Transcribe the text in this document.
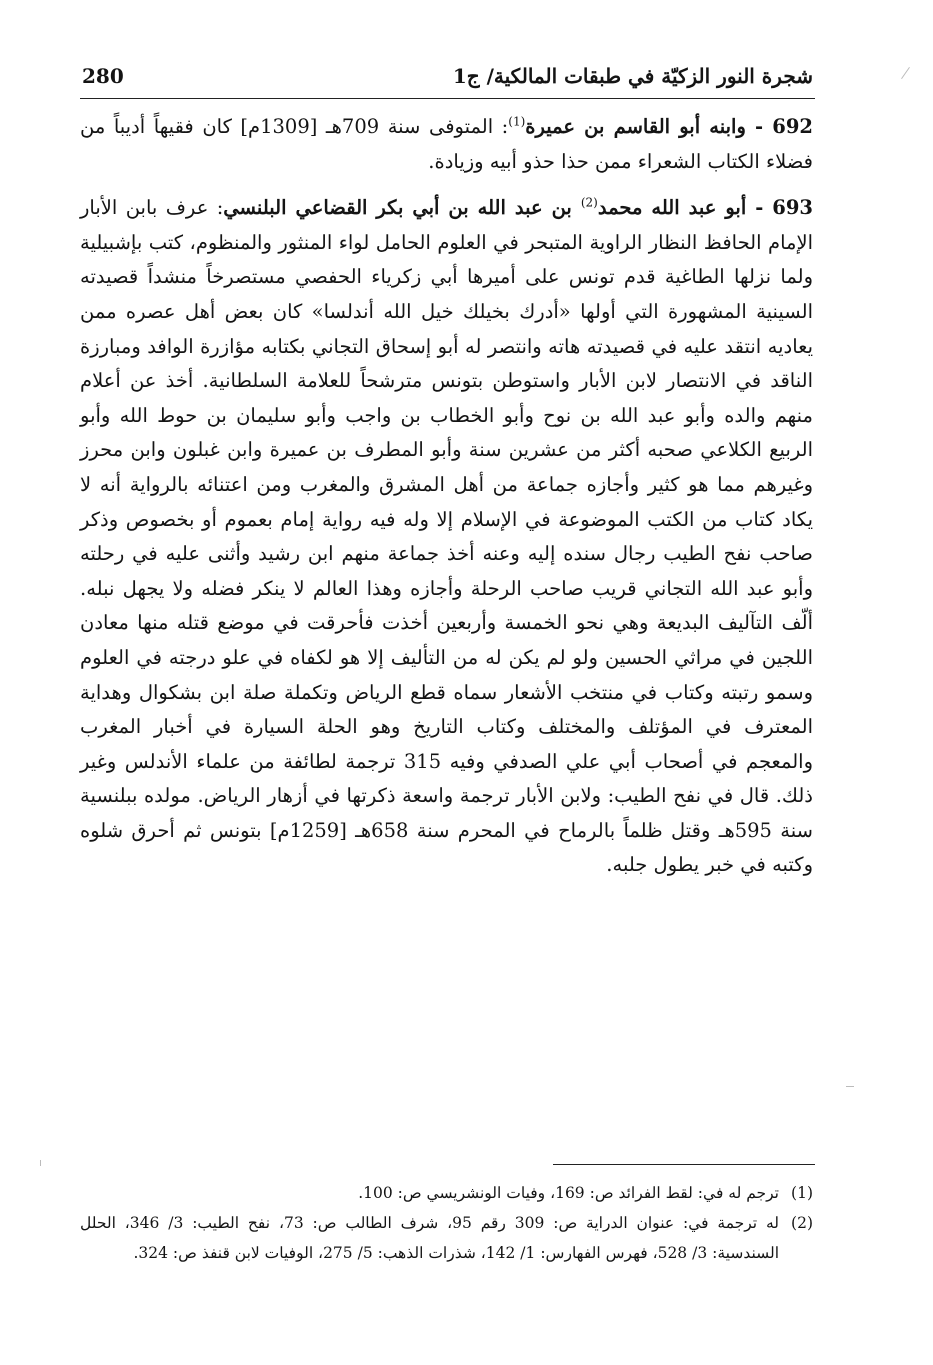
شجرة النور الزكيّة في طبقات المالكية/ ج1
280

692 - وابنه أبو القاسم بن عميرة$^{(1)}$: المتوفى سنة 709هـ [1309م] كان فقيهاً أديباً من فضلاء الكتاب الشعراء ممن حذا حذو أبيه وزيادة.

693 - أبو عبد الله محمد$^{(2)}$ بن عبد الله بن أبي بكر القضاعي البلنسي: عرف بابن الأبار الإمام الحافظ النظار الراوية المتبحر في العلوم الحامل لواء المنثور والمنظوم، كتب بإشبيلية ولما نزلها الطاغية قدم تونس على أميرها أبي زكرياء الحفصي مستصرخاً منشداً قصيدته السينية المشهورة التي أولها «أدرك بخيلك خيل الله أندلسا» كان بعض أهل عصره ممن يعاديه انتقد عليه في قصيدته هاته وانتصر له أبو إسحاق التجاني بكتابه مؤازرة الوافد ومبارزة الناقد في الانتصار لابن الأبار واستوطن بتونس مترشحاً للعلامة السلطانية. أخذ عن أعلام منهم والده وأبو عبد الله بن نوح وأبو الخطاب بن واجب وأبو سليمان بن حوط الله وأبو الربيع الكلاعي صحبه أكثر من عشرين سنة وأبو المطرف بن عميرة وابن غبلون وابن محرز وغيرهم مما هو كثير وأجازه جماعة من أهل المشرق والمغرب ومن اعتنائه بالرواية أنه لا يكاد كتاب من الكتب الموضوعة في الإسلام إلا وله فيه رواية إمام بعموم أو بخصوص وذكر صاحب نفح الطيب رجال سنده إليه وعنه أخذ جماعة منهم ابن رشيد وأثنى عليه في رحلته وأبو عبد الله التجاني قريب صاحب الرحلة وأجازه وهذا العالم لا ينكر فضله ولا يجهل نبله. ألّف التآليف البديعة وهي نحو الخمسة وأربعين أخذت فأحرقت في موضع قتله منها معادن اللجين في مراثي الحسين ولو لم يكن له من التأليف إلا هو لكفاه في علو درجته في العلوم وسمو رتبته وكتاب في منتخب الأشعار سماه قطع الرياض وتكملة صلة ابن بشكوال وهداية المعترف في المؤتلف والمختلف وكتاب التاريخ وهو الحلة السيارة في أخبار المغرب والمعجم في أصحاب أبي علي الصدفي وفيه 315 ترجمة لطائفة من علماء الأندلس وغير ذلك. قال في نفح الطيب: ولابن الأبار ترجمة واسعة ذكرتها في أزهار الرياض. مولده ببلنسية سنة 595هـ وقتل ظلماً بالرماح في المحرم سنة 658هـ [1259م] بتونس ثم أحرق شلوه وكتبه في خبر يطول جلبه.

(1)
ترجم له في: لقط الفرائد ص: 169، وفيات الونشريسي ص: 100.

(2)
له ترجمة في: عنوان الدراية ص: 309 رقم 95، شرف الطالب ص: 73، نفح الطيب: 3/ 346، الحلل السندسية: 3/ 528، فهرس الفهارس: 1/ 142، شذرات الذهب: 5/ 275، الوفيات لابن قنفذ ص: 324.
